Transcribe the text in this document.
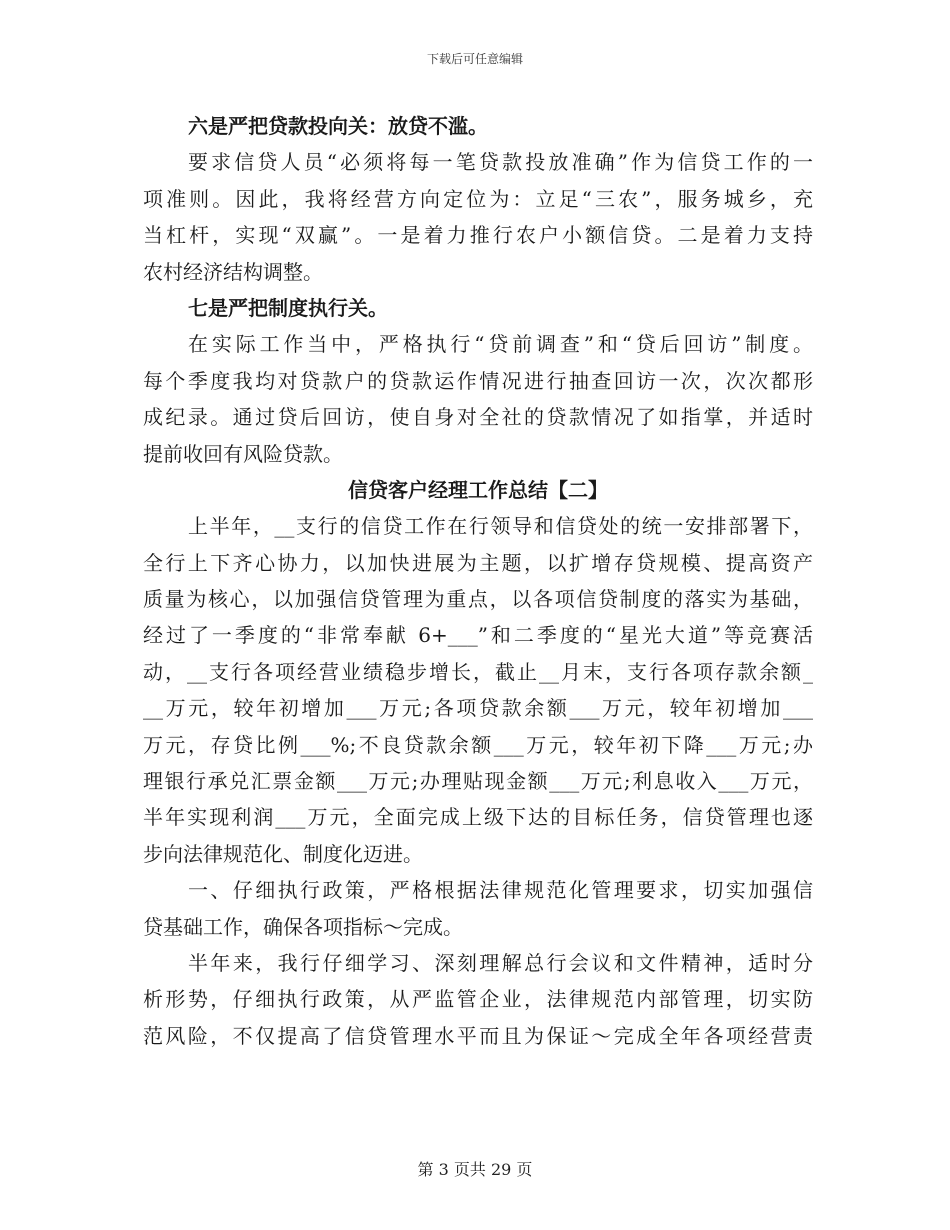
下载后可任意编辑
六是严把贷款投向关：放贷不滥。
要求信贷人员“必须将每一笔贷款投放准确”作为信贷工作的一
项准则。因此，我将经营方向定位为：立足“三农”，服务城乡，充
当杠杆，实现“双赢”。一是着力推行农户小额信贷。二是着力支持
农村经济结构调整。
七是严把制度执行关。
在实际工作当中，严格执行“贷前调查”和“贷后回访”制度。
每个季度我均对贷款户的贷款运作情况进行抽查回访一次，次次都形
成纪录。通过贷后回访，使自身对全社的贷款情况了如指掌，并适时
提前收回有风险贷款。
信贷客户经理工作总结【二】
上半年，__支行的信贷工作在行领导和信贷处的统一安排部署下，
全行上下齐心协力，以加快进展为主题，以扩增存贷规模、提高资产
质量为核心，以加强信贷管理为重点，以各项信贷制度的落实为基础，
经过了一季度的“非常奉献 6+___”和二季度的“星光大道”等竞赛活
动，__支行各项经营业绩稳步增长，截止__月末，支行各项存款余额_
__万元，较年初增加___万元;各项贷款余额___万元，较年初增加___
万元，存贷比例___%;不良贷款余额___万元，较年初下降___万元;办
理银行承兑汇票金额___万元;办理贴现金额___万元;利息收入___万元，
半年实现利润___万元，全面完成上级下达的目标任务，信贷管理也逐
步向法律规范化、制度化迈进。
一、仔细执行政策，严格根据法律规范化管理要求，切实加强信
贷基础工作，确保各项指标～完成。
半年来，我行仔细学习、深刻理解总行会议和文件精神，适时分
析形势，仔细执行政策，从严监管企业，法律规范内部管理，切实防
范风险，不仅提高了信贷管理水平而且为保证～完成全年各项经营责
第 3 页共 29 页
